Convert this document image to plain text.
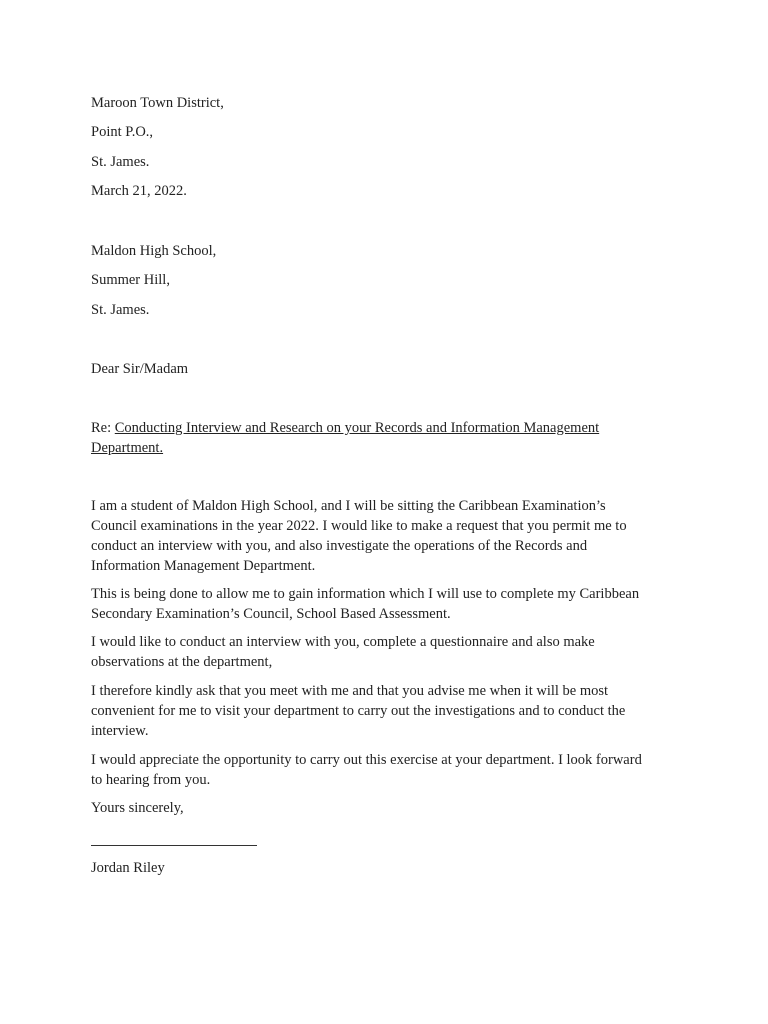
Maroon Town District,
Point P.O.,
St. James.
March 21, 2022.
Maldon High School,
Summer Hill,
St. James.
Dear Sir/Madam
Re: Conducting Interview and Research on your Records and Information Management
Department.
I am a student of Maldon High School, and I will be sitting the Caribbean Examination’s
Council examinations in the year 2022. I would like to make a request that you permit me to
conduct an interview with you, and also investigate the operations of the Records and
Information Management Department.
This is being done to allow me to gain information which I will use to complete my Caribbean
Secondary Examination’s Council, School Based Assessment.
I would like to conduct an interview with you, complete a questionnaire and also make
observations at the department,
I therefore kindly ask that you meet with me and that you advise me when it will be most
convenient for me to visit your department to carry out the investigations and to conduct the
interview.
I would appreciate the opportunity to carry out this exercise at your department. I look forward
to hearing from you.
Yours sincerely,
Jordan Riley
